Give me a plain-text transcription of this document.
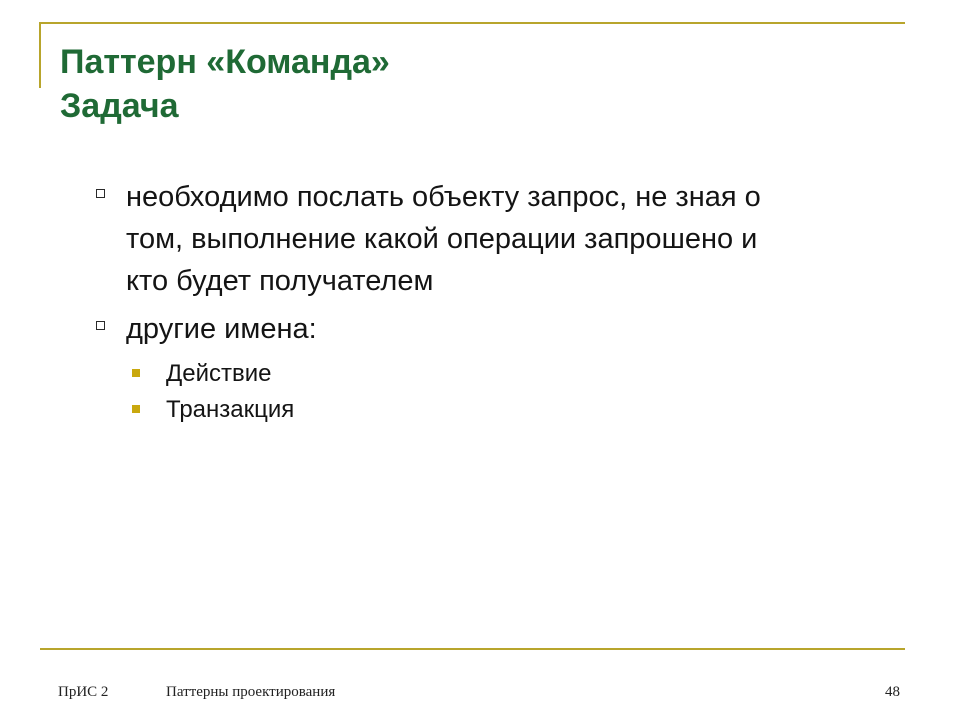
Паттерн «Команда»
Задача
необходимо послать объекту запрос, не зная о
том, выполнение какой операции запрошено и
кто будет получателем
другие имена:
Действие
Транзакция
ПрИС 2	Паттерны проектирования	48
